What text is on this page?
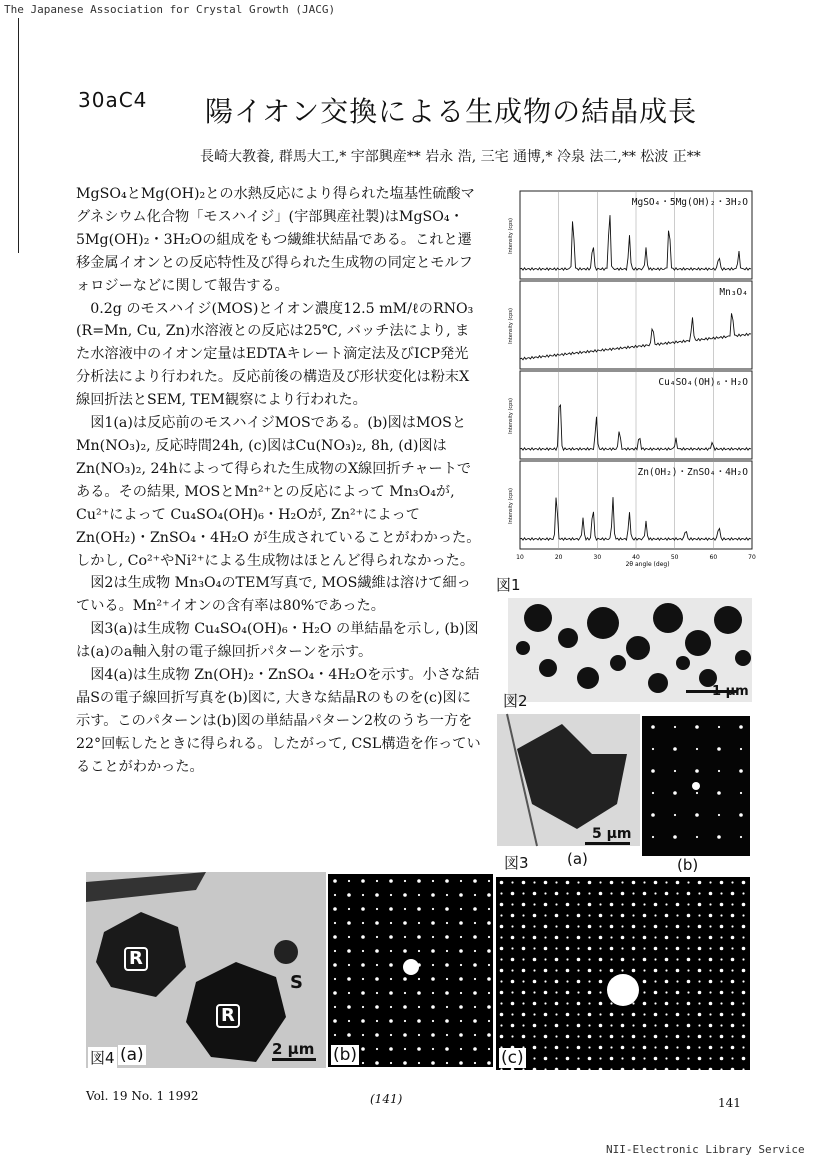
The Japanese Association for Crystal Growth (JACG)
30aC4 陽イオン交換による生成物の結晶成長
長崎大教養, 群馬大工,* 宇部興産** 岩永 浩, 三宅 通博,* 冷泉 法二,** 松波 正**

MgSO₄とMg(OH)₂との水熱反応により得られた塩基性硫酸マグネシウム化合物「モスハイジ」(宇部興産社製)はMgSO₄・5Mg(OH)₂・3H₂Oの組成をもつ繊維状結晶である。これと遷移金属イオンとの反応特性及び得られた生成物の同定とモルフォロジーなどに関して報告する。

0.2g のモスハイジ(MOS)とイオン濃度12.5 mM/ℓのRNO₃ (R=Mn, Cu, Zn)水溶液との反応は25℃, バッチ法により, また水溶液中のイオン定量はEDTAキレート滴定法及びICP発光分析法により行われた。反応前後の構造及び形状変化は粉末X線回折法とSEM, TEM観察により行われた。

図1(a)は反応前のモスハイジMOSである。(b)図はMOSとMn(NO₃)₂, 反応時間24h, (c)図はCu(NO₃)₂, 8h, (d)図はZn(NO₃)₂, 24hによって得られた生成物のX線回折チャートである。その結果, MOSとMn²⁺との反応によって Mn₃O₄が, Cu²⁺によって Cu₄SO₄(OH)₆・H₂Oが, Zn²⁺によって Zn(OH₂)・ZnSO₄・4H₂O が生成されていることがわかった。しかし, Co²⁺やNi²⁺による生成物はほとんど得られなかった。

図2は生成物 Mn₃O₄のTEM写真で, MOS繊維は溶けて細っている。Mn²⁺イオンの含有率は80%であった。

図3(a)は生成物 Cu₄SO₄(OH)₆・H₂O の単結晶を示し, (b)図は(a)のa軸入射の電子線回折パターンを示す。

図4(a)は生成物 Zn(OH)₂・ZnSO₄・4H₂Oを示す。小さな結晶Sの電子線回折写真を(b)図に, 大きな結晶Rのものを(c)図に示す。このパターンは(b)図の単結晶パターン2枚のうち一方を22°回転したときに得られる。したがって, CSL構造を作っていることがわかった。

MgSO₄・5Mg(OH)₂・3H₂O
Mn₃O₄
Cu₄SO₄(OH)₆・H₂O
Zn(OH₂)・ZnSO₄・4H₂O
10	20	30	40	50	60	70
2θ angle (deg)
Intensity (cps)
Intensity (cps)
Intensity (cps)
Intensity (cps)
図1
図2
1 μm
5 μm
図3	(a)	(b)
R
R
S
2 μm
図4 (a)	(b)	(c)
Vol. 19 No. 1 1992	(141)	141
NII-Electronic Library Service
